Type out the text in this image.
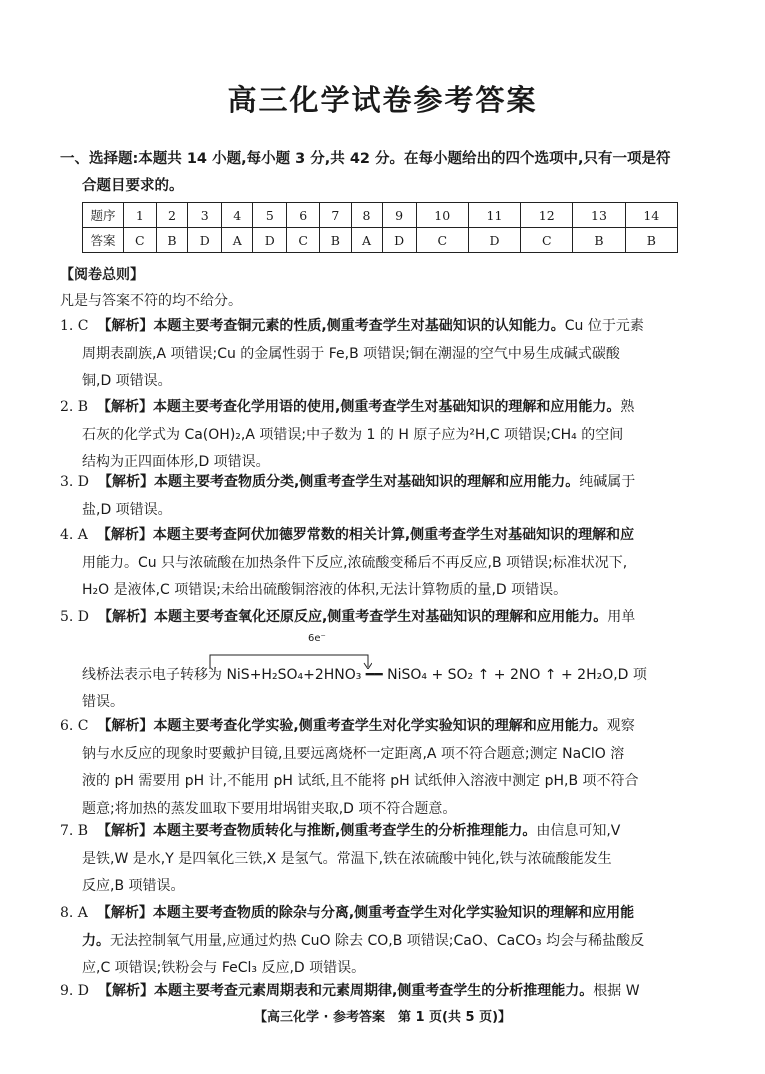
高三化学试卷参考答案
一、选择题:本题共 14 小题,每小题 3 分,共 42 分。在每小题给出的四个选项中,只有一项是符
合题目要求的。
题序	1	2	3	4	5	6	7	8	9	10	11	12	13	14
答案	C	B	D	A	D	C	B	A	D	C	D	C	B	B
【阅卷总则】
凡是与答案不符的均不给分。
1. C 【解析】本题主要考查铜元素的性质,侧重考查学生对基础知识的认知能力。Cu 位于元素
周期表副族,A 项错误;Cu 的金属性弱于 Fe,B 项错误;铜在潮湿的空气中易生成碱式碳酸
铜,D 项错误。
2. B 【解析】本题主要考查化学用语的使用,侧重考查学生对基础知识的理解和应用能力。熟
石灰的化学式为 Ca(OH)₂,A 项错误;中子数为 1 的 H 原子应为²H,C 项错误;CH₄ 的空间
结构为正四面体形,D 项错误。
3. D 【解析】本题主要考查物质分类,侧重考查学生对基础知识的理解和应用能力。纯碱属于
盐,D 项错误。
4. A 【解析】本题主要考查阿伏加德罗常数的相关计算,侧重考查学生对基础知识的理解和应
用能力。Cu 只与浓硫酸在加热条件下反应,浓硫酸变稀后不再反应,B 项错误;标准状况下,
H₂O 是液体,C 项错误;未给出硫酸铜溶液的体积,无法计算物质的量,D 项错误。
5. D 【解析】本题主要考查氧化还原反应,侧重考查学生对基础知识的理解和应用能力。用单
线桥法表示电子转移为 NiS+H₂SO₄+2HNO₃ ━━ NiSO₄ + SO₂ ↑ + 2NO ↑ + 2H₂O,D 项
错误。
6e⁻
6. C 【解析】本题主要考查化学实验,侧重考查学生对化学实验知识的理解和应用能力。观察
钠与水反应的现象时要戴护目镜,且要远离烧杯一定距离,A 项不符合题意;测定 NaClO 溶
液的 pH 需要用 pH 计,不能用 pH 试纸,且不能将 pH 试纸伸入溶液中测定 pH,B 项不符合
题意;将加热的蒸发皿取下要用坩埚钳夹取,D 项不符合题意。
7. B 【解析】本题主要考查物质转化与推断,侧重考查学生的分析推理能力。由信息可知,V
是铁,W 是水,Y 是四氧化三铁,X 是氢气。常温下,铁在浓硫酸中钝化,铁与浓硫酸能发生
反应,B 项错误。
8. A 【解析】本题主要考查物质的除杂与分离,侧重考查学生对化学实验知识的理解和应用能
力。无法控制氧气用量,应通过灼热 CuO 除去 CO,B 项错误;CaO、CaCO₃ 均会与稀盐酸反
应,C 项错误;铁粉会与 FeCl₃ 反应,D 项错误。
9. D 【解析】本题主要考查元素周期表和元素周期律,侧重考查学生的分析推理能力。根据 W
【高三化学 · 参考答案　第 1 页(共 5 页)】
